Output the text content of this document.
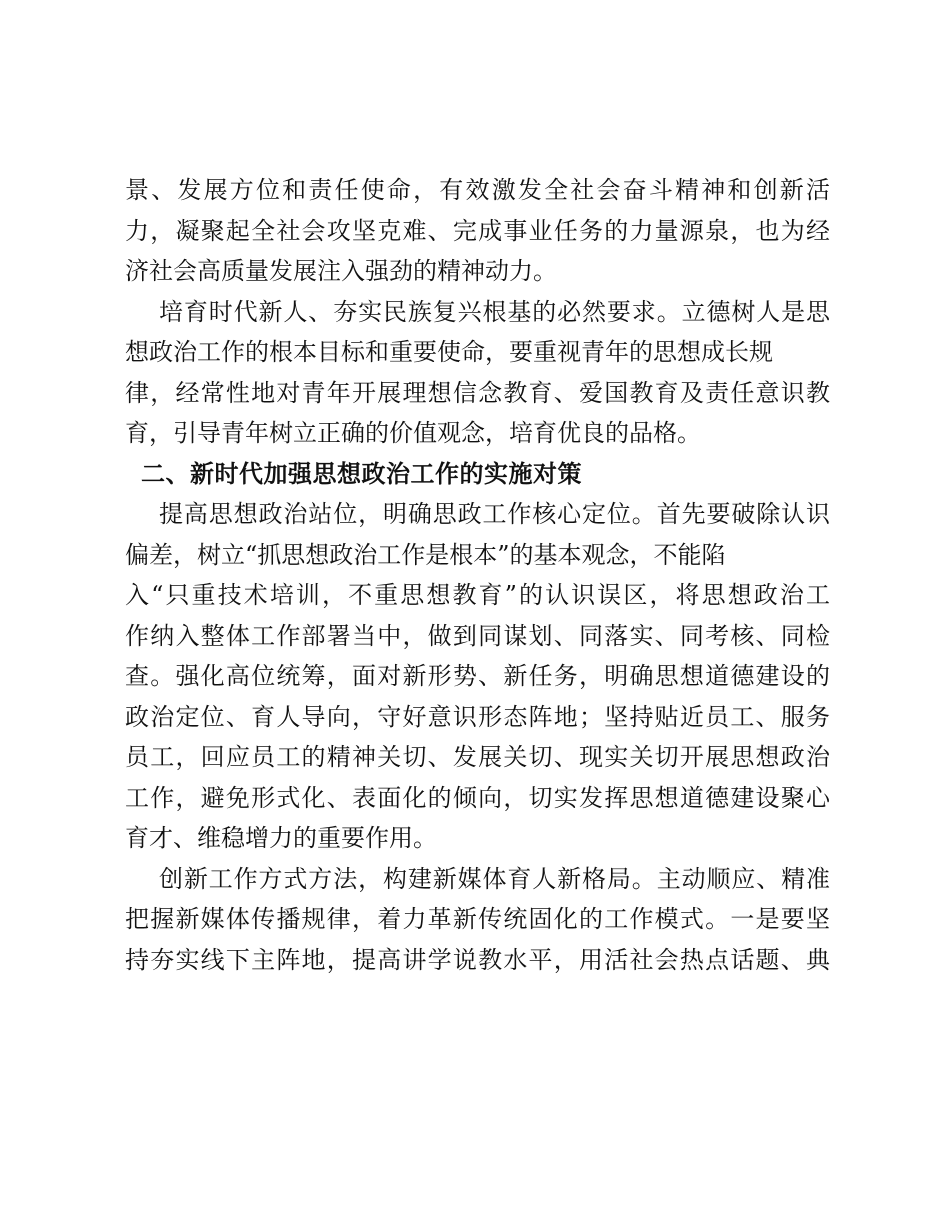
景、发展方位和责任使命，有效激发全社会奋斗精神和创新活
力，凝聚起全社会攻坚克难、完成事业任务的力量源泉，也为经
济社会高质量发展注入强劲的精神动力。
培育时代新人、夯实民族复兴根基的必然要求。立德树人是思
想政治工作的根本目标和重要使命，要重视青年的思想成长规
律，经常性地对青年开展理想信念教育、爱国教育及责任意识教
育，引导青年树立正确的价值观念，培育优良的品格。
二、新时代加强思想政治工作的实施对策
提高思想政治站位，明确思政工作核心定位。首先要破除认识
偏差，树立“抓思想政治工作是根本”的基本观念，不能陷
入“只重技术培训，不重思想教育”的认识误区，将思想政治工
作纳入整体工作部署当中，做到同谋划、同落实、同考核、同检
查。强化高位统筹，面对新形势、新任务，明确思想道德建设的
政治定位、育人导向，守好意识形态阵地；坚持贴近员工、服务
员工，回应员工的精神关切、发展关切、现实关切开展思想政治
工作，避免形式化、表面化的倾向，切实发挥思想道德建设聚心
育才、维稳增力的重要作用。
创新工作方式方法，构建新媒体育人新格局。主动顺应、精准
把握新媒体传播规律，着力革新传统固化的工作模式。一是要坚
持夯实线下主阵地，提高讲学说教水平，用活社会热点话题、典
